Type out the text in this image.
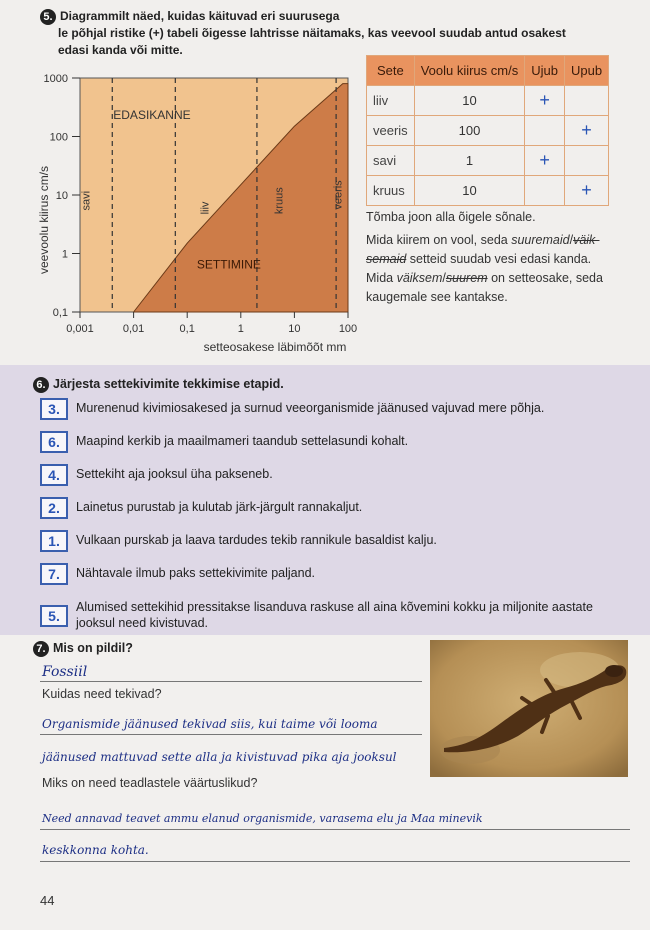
5. Diagrammilt näed, kuidas käituvad eri suurusega
le põhjal ristike (+) tabeli õigesse lahtrisse näitamaks, kas veevool suudab antud osakest
edasi kanda või mitte.
EDASIKANNE
SETTIMINE
savi	liiv	kruus	veeris
1000
100
10
1
0,1
0,001	0,01	0,1	1	10	100
veevoolu kiirus cm/s
setteosakese läbimõõt mm
Sete	Voolu kiirus cm/s	Ujub	Upub
liiv	10	+	
veeris	100		+
savi	1	+	
kruus	10		+
Tõmba joon alla õigele sõnale.
Mida kiirem on vool, seda suuremaid/väik-
semaid setteid suudab vesi edasi kanda.
Mida väiksem/suurem on setteosake, seda
kaugemale see kantakse.
6. Järjesta settekivimite tekkimise etapid.
3.	Murenenud kivimiosakesed ja surnud veeorganismide jäänused vajuvad mere põhja.
6.	Maapind kerkib ja maailmameri taandub settelasundi kohalt.
4.	Settekiht aja jooksul üha pakseneb.
2.	Lainetus purustab ja kulutab järk-järgult rannakaljut.
1.	Vulkaan purskab ja laava tardudes tekib rannikule basaldist kalju.
7.	Nähtavale ilmub paks settekivimite paljand.
5.
Alumised settekihid pressitakse lisanduva raskuse all aina kõvemini kokku ja miljonite aastate jooksul need kivistuvad.
7. Mis on pildil?
Fossiil
Kuidas need tekivad?
Organismide jäänused tekivad siis, kui taime või looma
jäänused mattuvad sette alla ja kivistuvad pika aja jooksul
Miks on need teadlastele väärtuslikud?
Need annavad teavet ammu elanud organismide, varasema elu ja Maa minevik
keskkonna kohta.
44
